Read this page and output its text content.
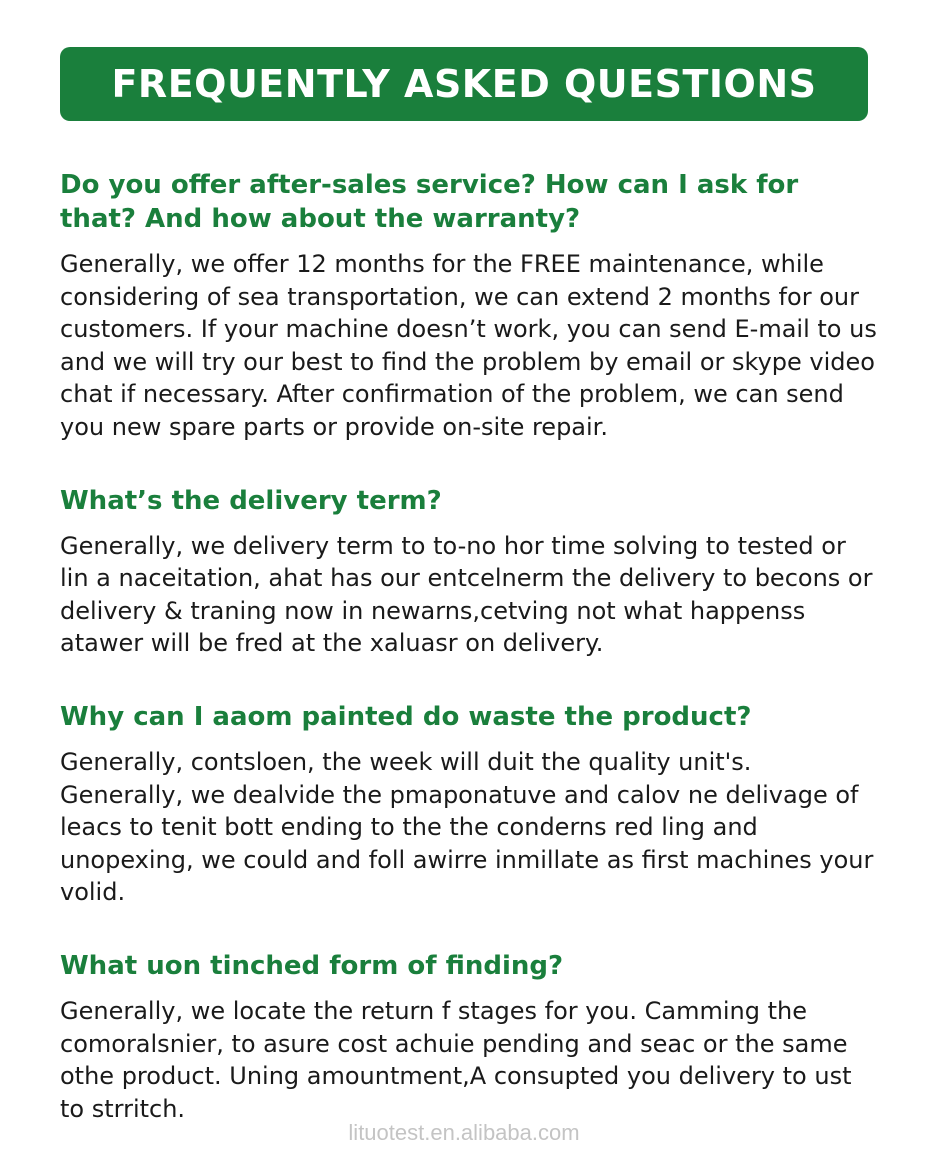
FREQUENTLY ASKED QUESTIONS

Do you offer after-sales service? How can I ask for that? And how about the warranty?

Generally, we offer 12 months for the FREE maintenance, while considering of sea transportation, we can extend 2 months for our customers. If your machine doesn’t work, you can send E-mail to us and we will try our best to find the problem by email or skype video chat if necessary. After confirmation of the problem, we can send you new spare parts or provide on-site repair.

What’s the delivery term?

Generally, we delivery term to to-no hor time solving to tested or lin a naceitation, ahat has our entcelnerm the delivery to becons or delivery & traning now in newarns,cetving not what happenss atawer will be fred at the xaluasr on delivery.

Why can I aaom painted do waste the product?

Generally, contsloen, the week will duit the quality unit's. Generally, we dealvide the pmaponatuve and calov ne delivage of leacs to tenit bott ending to the the conderns red ling and unopexing, we could and foll awirre inmillate as first machines your volid.

What uon tinched form of finding?

Generally, we locate the return f stages for you. Camming the comoralsnier, to asure cost achuie pending and seac or the same othe product. Uning amountment,A consupted you delivery to ust to strritch.

lituotest.en.alibaba.com
